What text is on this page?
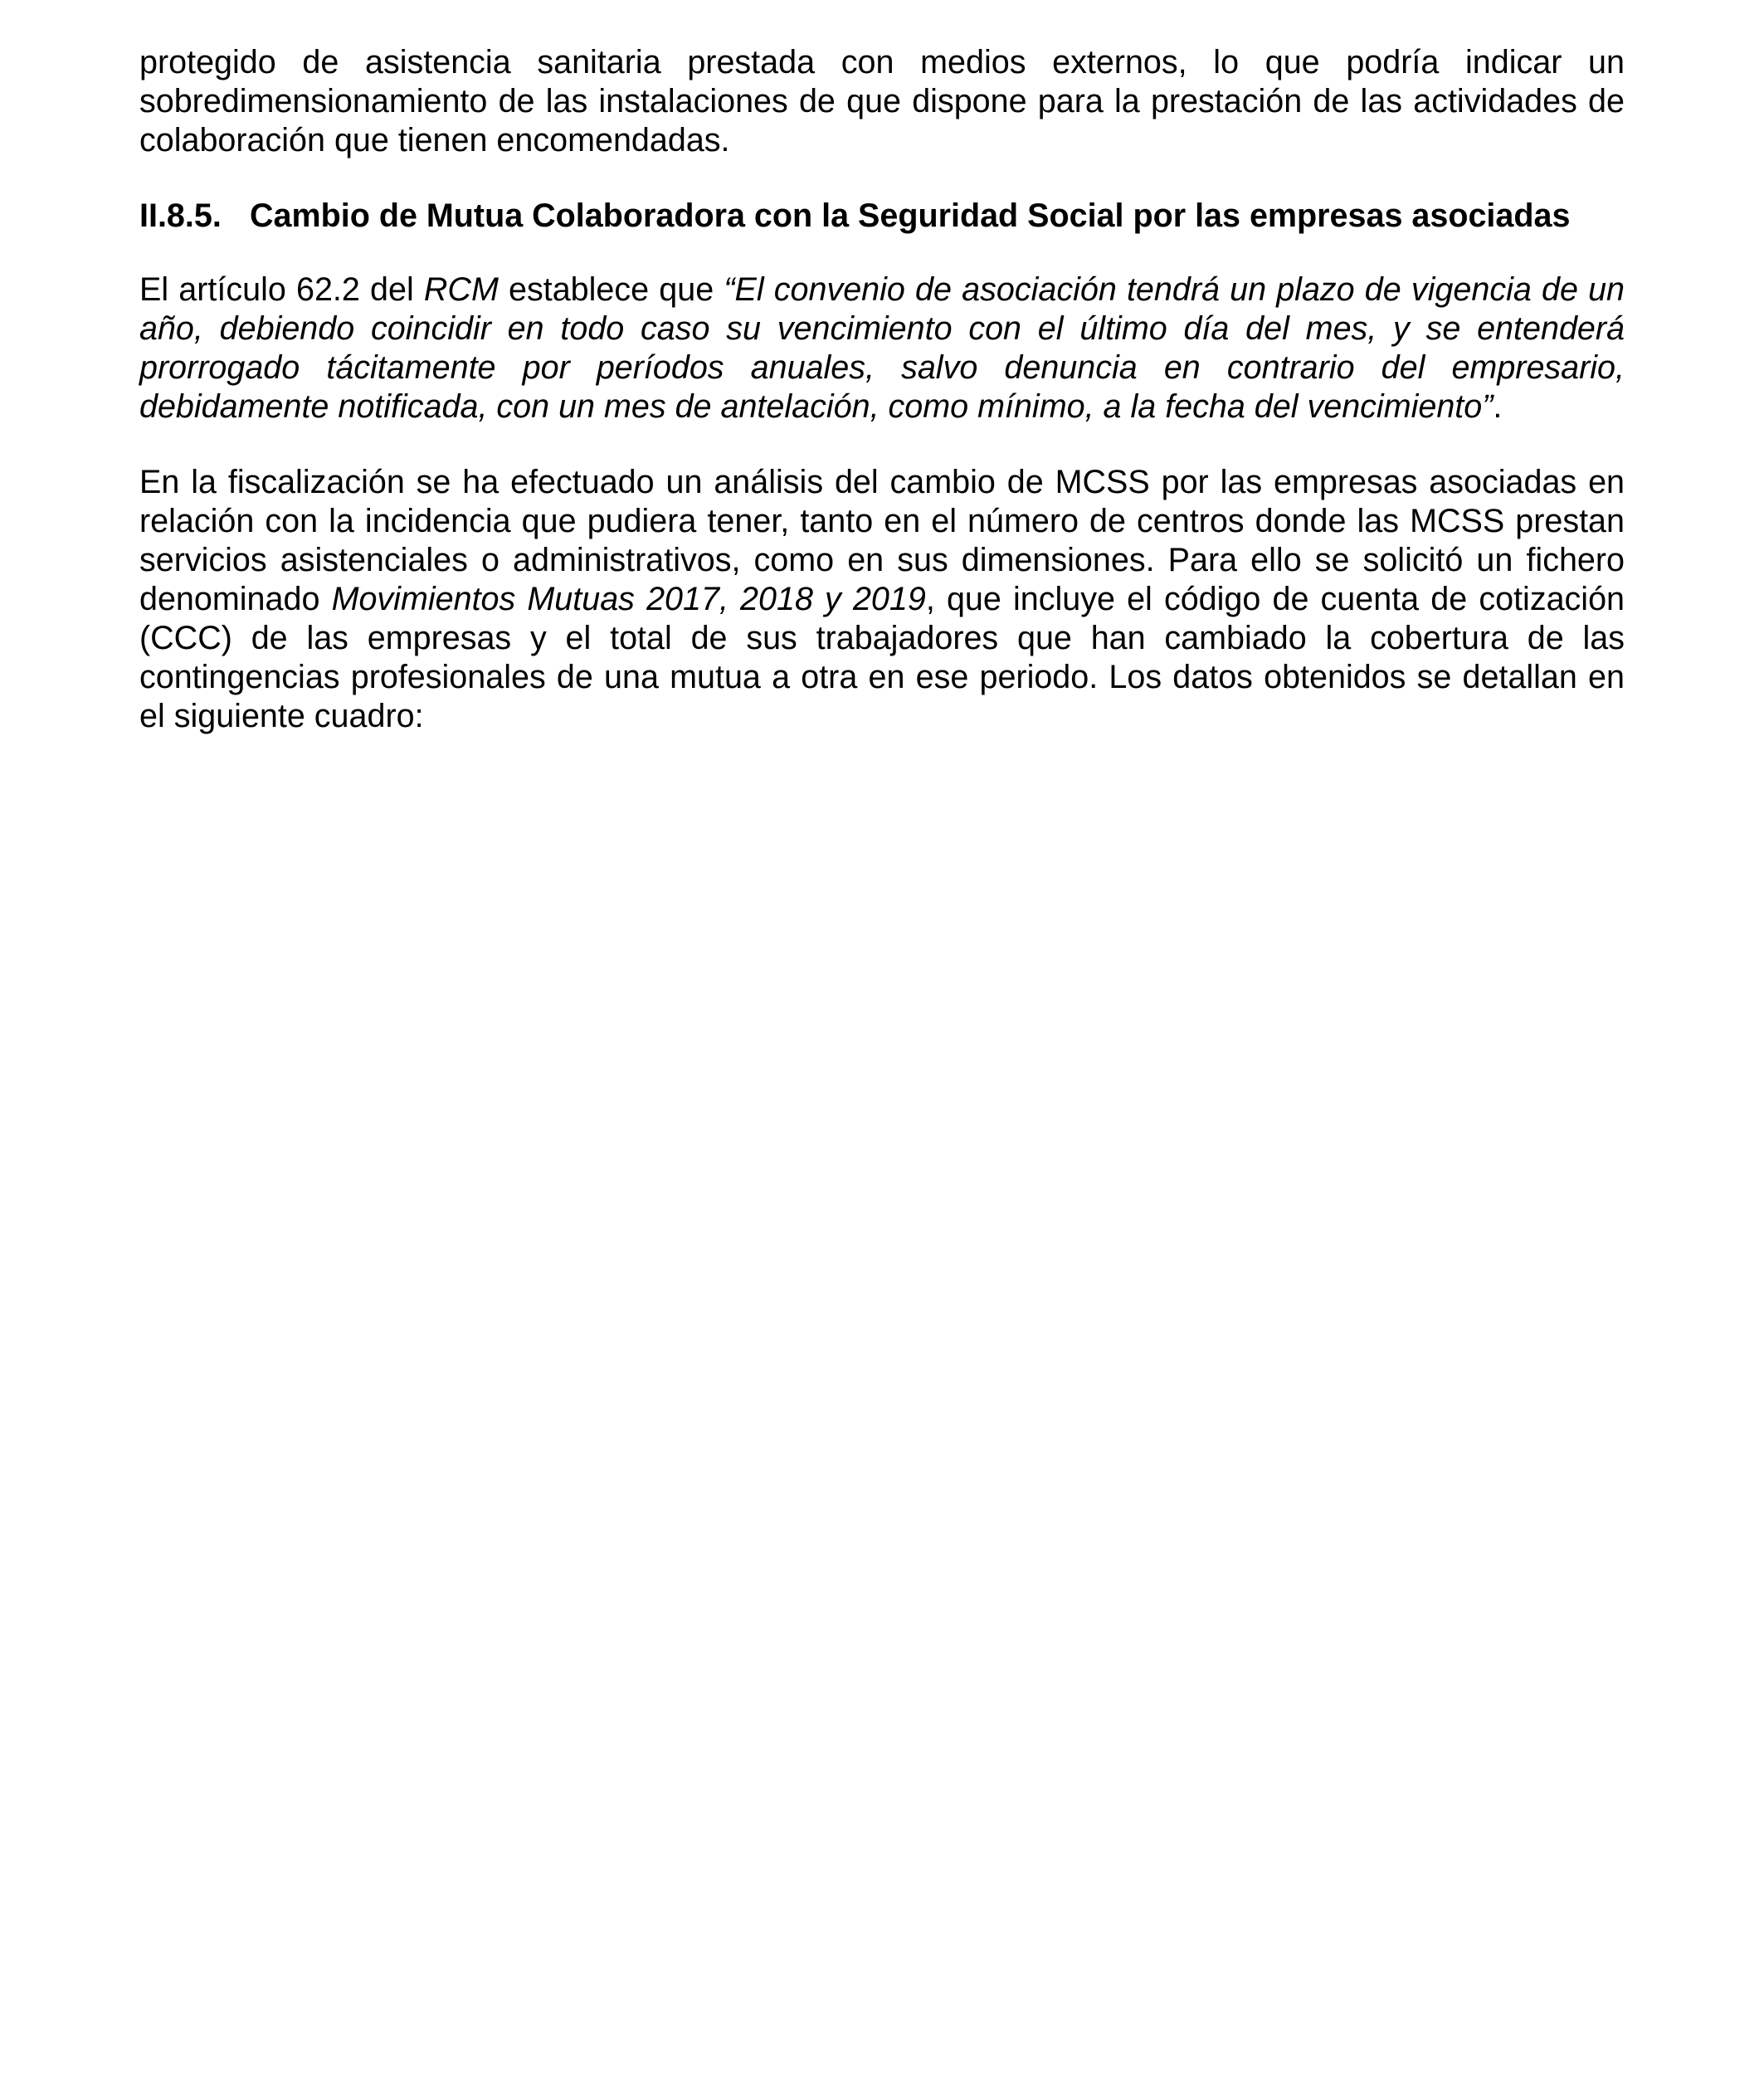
protegido de asistencia sanitaria prestada con medios externos, lo que podría indicar un sobredimensionamiento de las instalaciones de que dispone para la prestación de las actividades de colaboración que tienen encomendadas.

II.8.5. Cambio de Mutua Colaboradora con la Seguridad Social por las empresas asociadas

El artículo 62.2 del RCM establece que “El convenio de asociación tendrá un plazo de vigencia de un año, debiendo coincidir en todo caso su vencimiento con el último día del mes, y se entenderá prorrogado tácitamente por períodos anuales, salvo denuncia en contrario del empresario, debidamente notificada, con un mes de antelación, como mínimo, a la fecha del vencimiento”.

En la fiscalización se ha efectuado un análisis del cambio de MCSS por las empresas asociadas en relación con la incidencia que pudiera tener, tanto en el número de centros donde las MCSS prestan servicios asistenciales o administrativos, como en sus dimensiones. Para ello se solicitó un fichero denominado Movimientos Mutuas 2017, 2018 y 2019, que incluye el código de cuenta de cotización (CCC) de las empresas y el total de sus trabajadores que han cambiado la cobertura de las contingencias profesionales de una mutua a otra en ese periodo. Los datos obtenidos se detallan en el siguiente cuadro:
